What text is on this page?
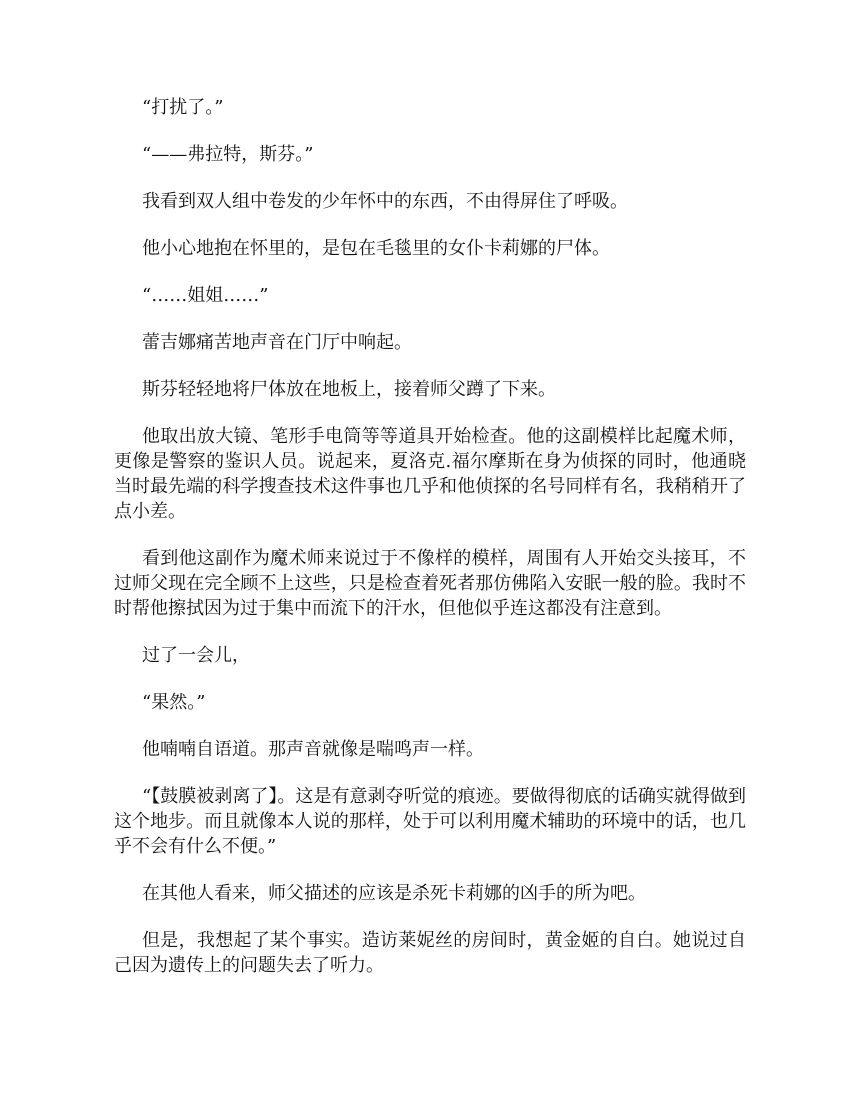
“打扰了。”

“——弗拉特，斯芬。”

我看到双人组中卷发的少年怀中的东西，不由得屏住了呼吸。

他小心地抱在怀里的，是包在毛毯里的女仆卡莉娜的尸体。

“……姐姐……”

蕾吉娜痛苦地声音在门厅中响起。

斯芬轻轻地将尸体放在地板上，接着师父蹲了下来。

他取出放大镜、笔形手电筒等等道具开始检查。他的这副模样比起魔术师，更像是警察的鉴识人员。说起来，夏洛克.福尔摩斯在身为侦探的同时，他通晓当时最先端的科学搜查技术这件事也几乎和他侦探的名号同样有名，我稍稍开了点小差。

看到他这副作为魔术师来说过于不像样的模样，周围有人开始交头接耳，不过师父现在完全顾不上这些，只是检查着死者那仿佛陷入安眠一般的脸。我时不时帮他擦拭因为过于集中而流下的汗水，但他似乎连这都没有注意到。

过了一会儿，

“果然。”

他喃喃自语道。那声音就像是喘鸣声一样。

“【鼓膜被剥离了】。这是有意剥夺听觉的痕迹。要做得彻底的话确实就得做到这个地步。而且就像本人说的那样，处于可以利用魔术辅助的环境中的话，也几乎不会有什么不便。”

在其他人看来，师父描述的应该是杀死卡莉娜的凶手的所为吧。

但是，我想起了某个事实。造访莱妮丝的房间时，黄金姬的自白。她说过自己因为遗传上的问题失去了听力。
